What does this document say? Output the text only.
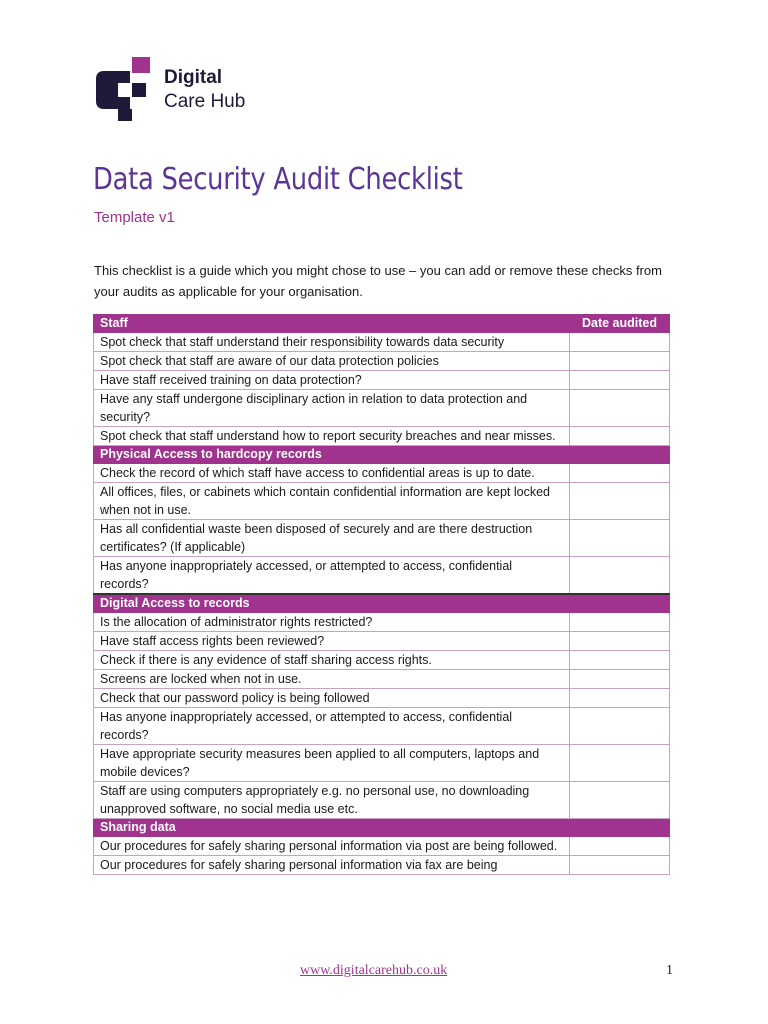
Digital
Care Hub
Data Security Audit Checklist
Template v1
This checklist is a guide which you might chose to use – you can add or remove these checks from your audits as applicable for your organisation.
Staff	Date audited
Spot check that staff understand their responsibility towards data security	
Spot check that staff are aware of our data protection policies	
Have staff received training on data protection?	
Have any staff undergone disciplinary action in relation to data protection and security?	
Spot check that staff understand how to report security breaches and near misses.	
Physical Access to hardcopy records	
Check the record of which staff have access to confidential areas is up to date.	
All offices, files, or cabinets which contain confidential information are kept locked when not in use.	
Has all confidential waste been disposed of securely and are there destruction certificates? (If applicable)	
Has anyone inappropriately accessed, or attempted to access, confidential records?	
Digital Access to records	
Is the allocation of administrator rights restricted?	
Have staff access rights been reviewed?	
Check if there is any evidence of staff sharing access rights.	
Screens are locked when not in use.	
Check that our password policy is being followed	
Has anyone inappropriately accessed, or attempted to access, confidential records?	
Have appropriate security measures been applied to all computers, laptops and mobile devices?	
Staff are using computers appropriately e.g. no personal use, no downloading unapproved software, no social media use etc.	
Sharing data	
Our procedures for safely sharing personal information via post are being followed.	
Our procedures for safely sharing personal information via fax are being	
www.digitalcarehub.co.uk	1
